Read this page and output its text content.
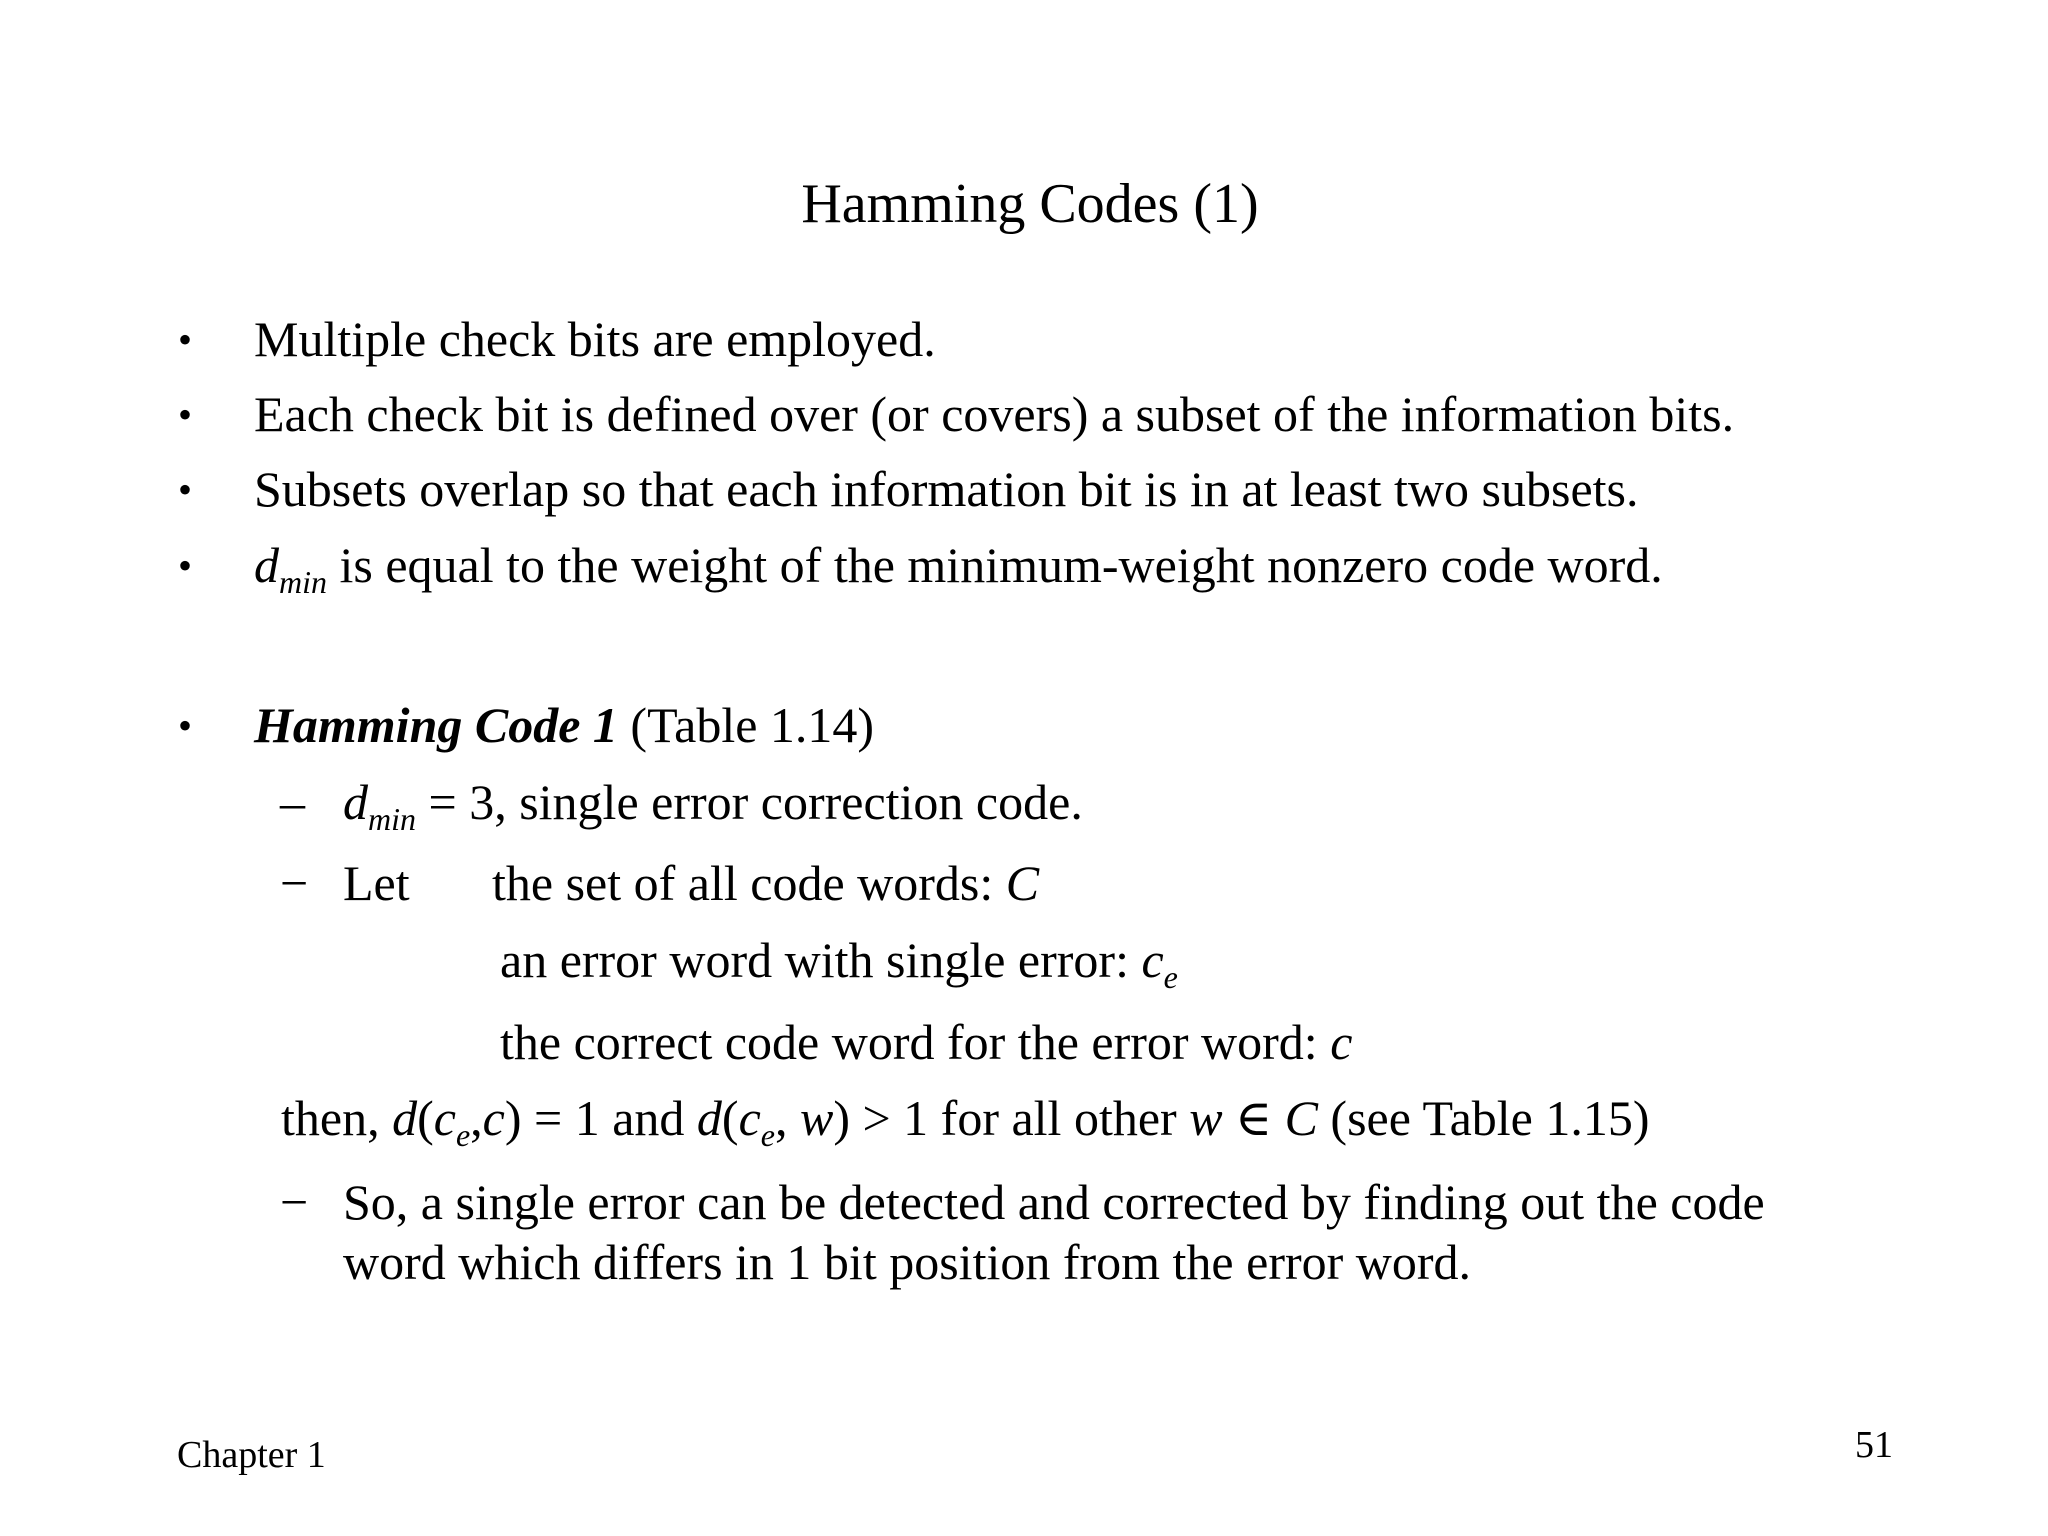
Hamming Codes (1)
• Multiple check bits are employed.
• Each check bit is defined over (or covers) a subset of the information bits.
• Subsets overlap so that each information bit is in at least two subsets.
• $d_{min}$ is equal to the weight of the minimum-weight nonzero code word.
• Hamming Code 1 (Table 1.14)
– $d_{min} = 3$, single error correction code.
− Let the set of all code words: C
an error word with single error: $c_e$
the correct code word for the error word: c
then, $d(c_e,c) = 1$ and $d(c_e$, w) > 1 for all other w ∈ C (see Table 1.15)
− So, a single error can be detected and corrected by finding out the code
word which differs in 1 bit position from the error word.
Chapter 1	51
